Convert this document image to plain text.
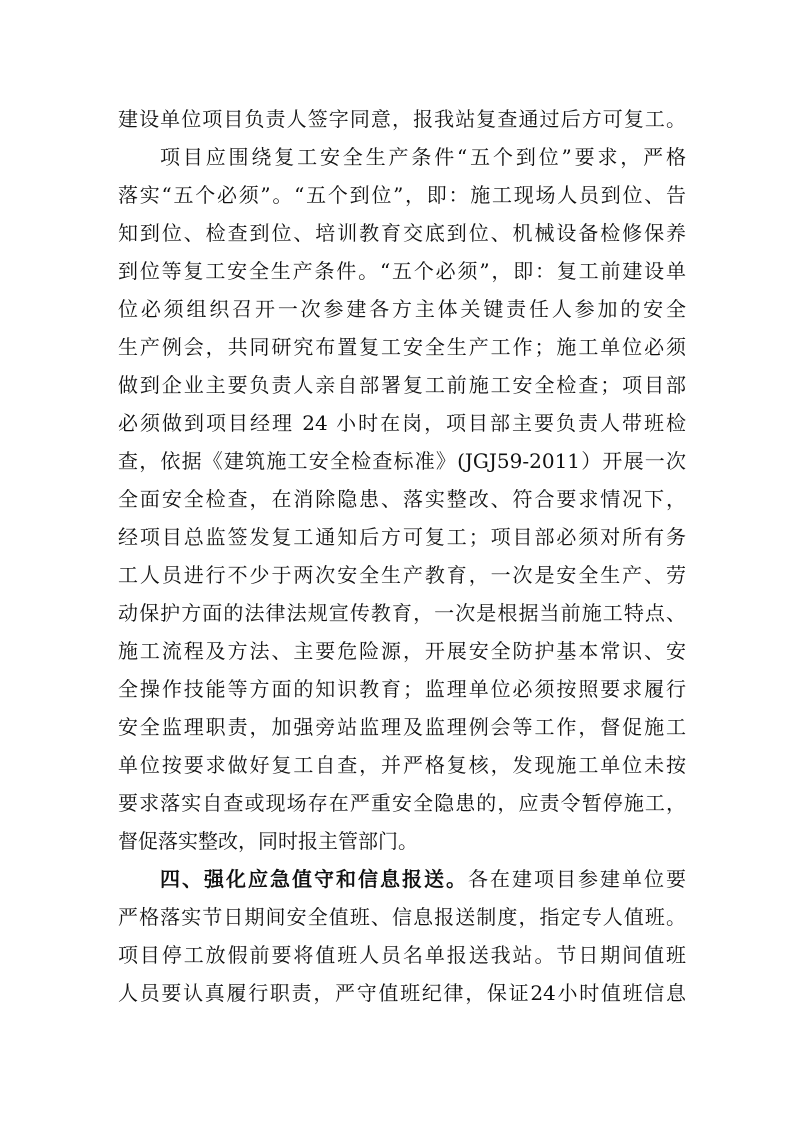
建设单位项目负责人签字同意，报我站复查通过后方可复工。
项目应围绕复工安全生产条件“五个到位”要求，严格
落实“五个必须”。“五个到位”，即：施工现场人员到位、告
知到位、检查到位、培训教育交底到位、机械设备检修保养
到位等复工安全生产条件。“五个必须”，即：复工前建设单
位必须组织召开一次参建各方主体关键责任人参加的安全
生产例会，共同研究布置复工安全生产工作；施工单位必须
做到企业主要负责人亲自部署复工前施工安全检查；项目部
必须做到项目经理 24 小时在岗，项目部主要负责人带班检
查，依据《建筑施工安全检查标准》(JGJ59-2011）开展一次
全面安全检查，在消除隐患、落实整改、符合要求情况下，
经项目总监签发复工通知后方可复工；项目部必须对所有务
工人员进行不少于两次安全生产教育，一次是安全生产、劳
动保护方面的法律法规宣传教育，一次是根据当前施工特点、
施工流程及方法、主要危险源，开展安全防护基本常识、安
全操作技能等方面的知识教育；监理单位必须按照要求履行
安全监理职责，加强旁站监理及监理例会等工作，督促施工
单位按要求做好复工自查，并严格复核，发现施工单位未按
要求落实自查或现场存在严重安全隐患的，应责令暂停施工，
督促落实整改，同时报主管部门。
四、强化应急值守和信息报送。各在建项目参建单位要
严格落实节日期间安全值班、信息报送制度，指定专人值班。
项目停工放假前要将值班人员名单报送我站。节日期间值班
人员要认真履行职责，严守值班纪律，保证24小时值班信息
